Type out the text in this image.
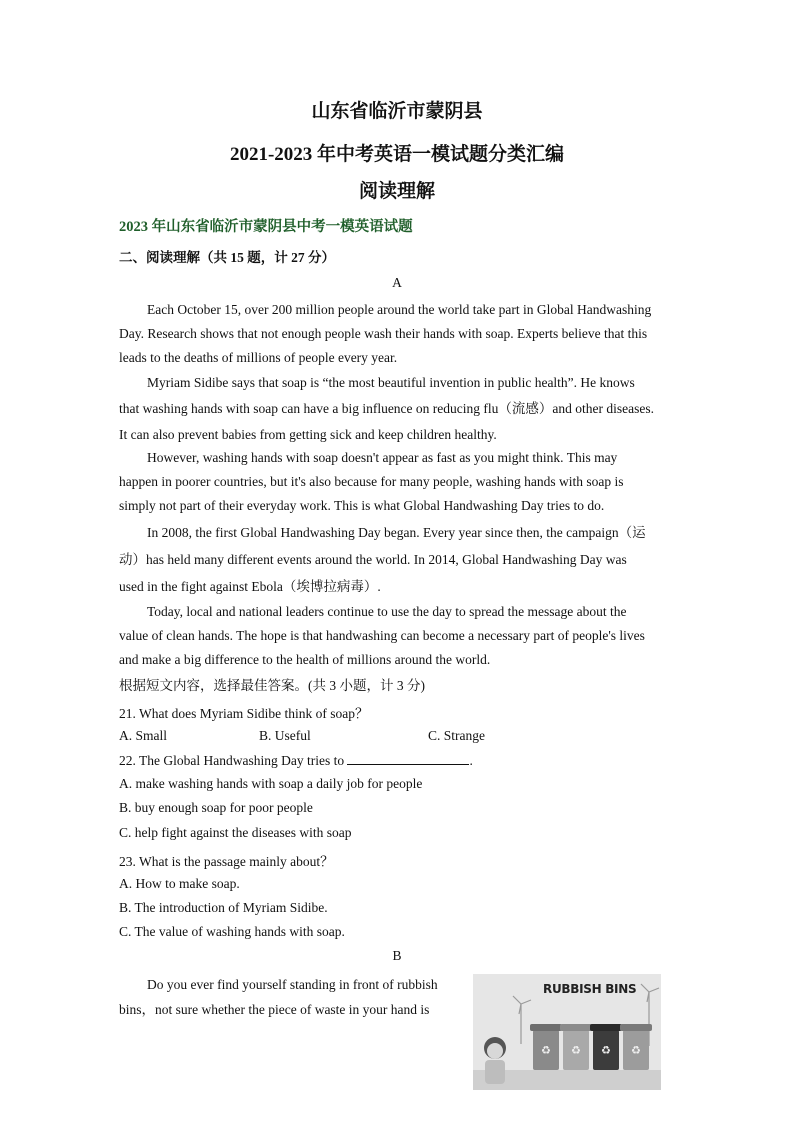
山东省临沂市蒙阴县
2021-2023 年中考英语一模试题分类汇编
阅读理解
2023 年山东省临沂市蒙阴县中考一模英语试题
二、阅读理解（共 15 题，计 27 分）
A
Each October 15, over 200 million people around the world take part in Global Handwashing
Day. Research shows that not enough people wash their hands with soap. Experts believe that this
leads to the deaths of millions of people every year.
Myriam Sidibe says that soap is “the most beautiful invention in public health”. He knows
that washing hands with soap can have a big influence on reducing flu（流感）and other diseases.
It can also prevent babies from getting sick and keep children healthy.
However, washing hands with soap doesn't appear as fast as you might think. This may
happen in poorer countries, but it's also because for many people, washing hands with soap is
simply not part of their everyday work. This is what Global Handwashing Day tries to do.
In 2008, the first Global Handwashing Day began. Every year since then, the campaign（运
动）has held many different events around the world. In 2014, Global Handwashing Day was
used in the fight against Ebola（埃博拉病毒）.
Today, local and national leaders continue to use the day to spread the message about the
value of clean hands. The hope is that handwashing can become a necessary part of people's lives
and make a big difference to the health of millions around the world.
根据短文内容，选择最佳答案。(共 3 小题，计 3 分)
21. What does Myriam Sidibe think of soap？
A. Small	B. Useful	C. Strange
22. The Global Handwashing Day tries to	.
A. make washing hands with soap a daily job for people
B. buy enough soap for poor people
C. help fight against the diseases with soap
23. What is the passage mainly about？
A. How to make soap.
B. The introduction of Myriam Sidibe.
C. The value of washing hands with soap.
B
Do you ever find yourself standing in front of rubbish
bins，not sure whether the piece of waste in your hand is
♻ ♻ ♻ ♻
RUBBISH BINS
